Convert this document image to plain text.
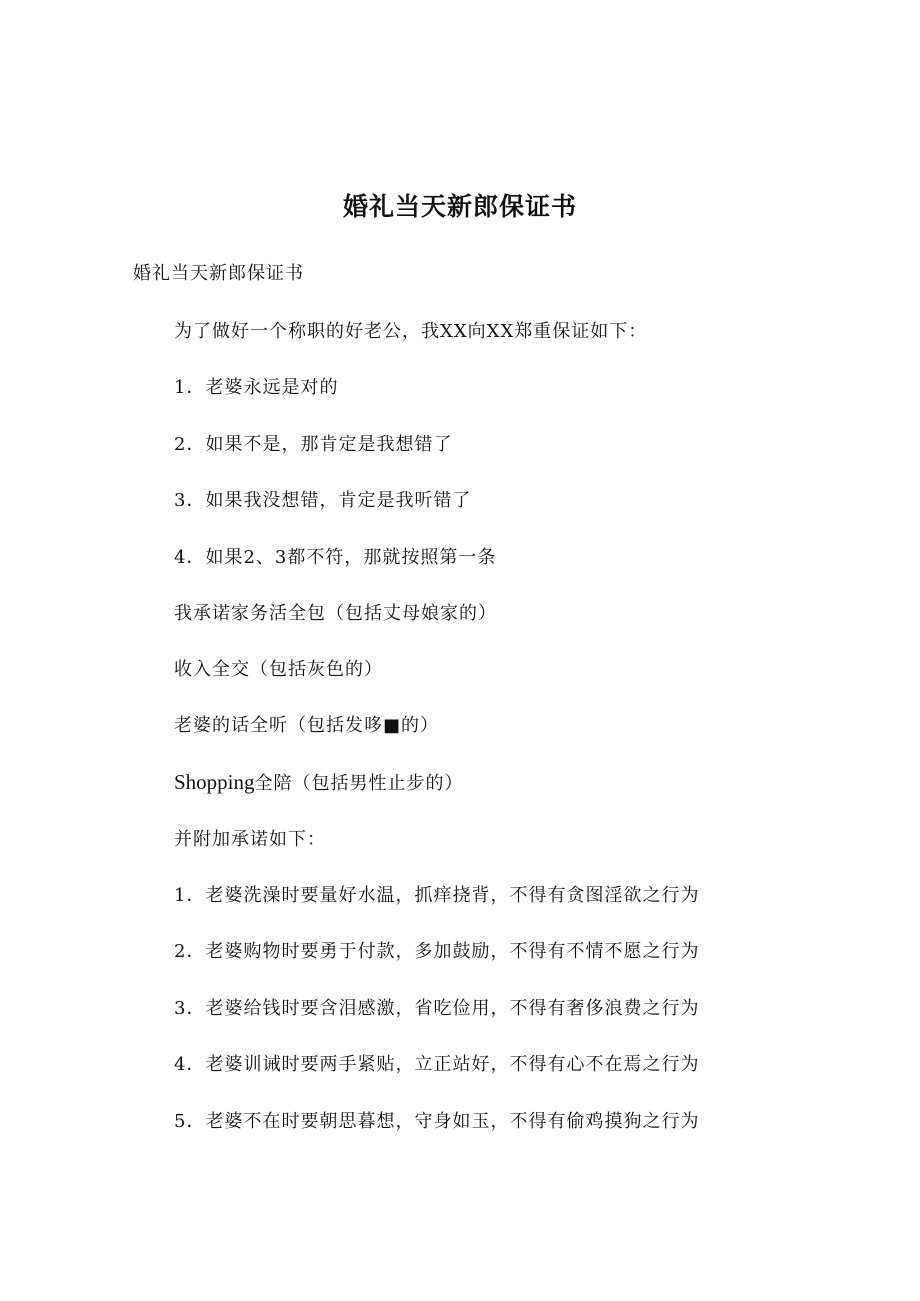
婚礼当天新郎保证书

婚礼当天新郎保证书

为了做好一个称职的好老公，我XX向XX郑重保证如下：

1．老婆永远是对的

2．如果不是，那肯定是我想错了

3．如果我没想错，肯定是我听错了

4．如果2、3都不符，那就按照第一条

我承诺家务活全包（包括丈母娘家的）

收入全交（包括灰色的）

老婆的话全听（包括发哆■的）

Shopping全陪（包括男性止步的）

并附加承诺如下：

1．老婆洗澡时要量好水温，抓痒挠背，不得有贪图淫欲之行为

2．老婆购物时要勇于付款，多加鼓励，不得有不情不愿之行为

3．老婆给钱时要含泪感激，省吃俭用，不得有奢侈浪费之行为

4．老婆训诫时要两手紧贴，立正站好，不得有心不在焉之行为

5．老婆不在时要朝思暮想，守身如玉，不得有偷鸡摸狗之行为
